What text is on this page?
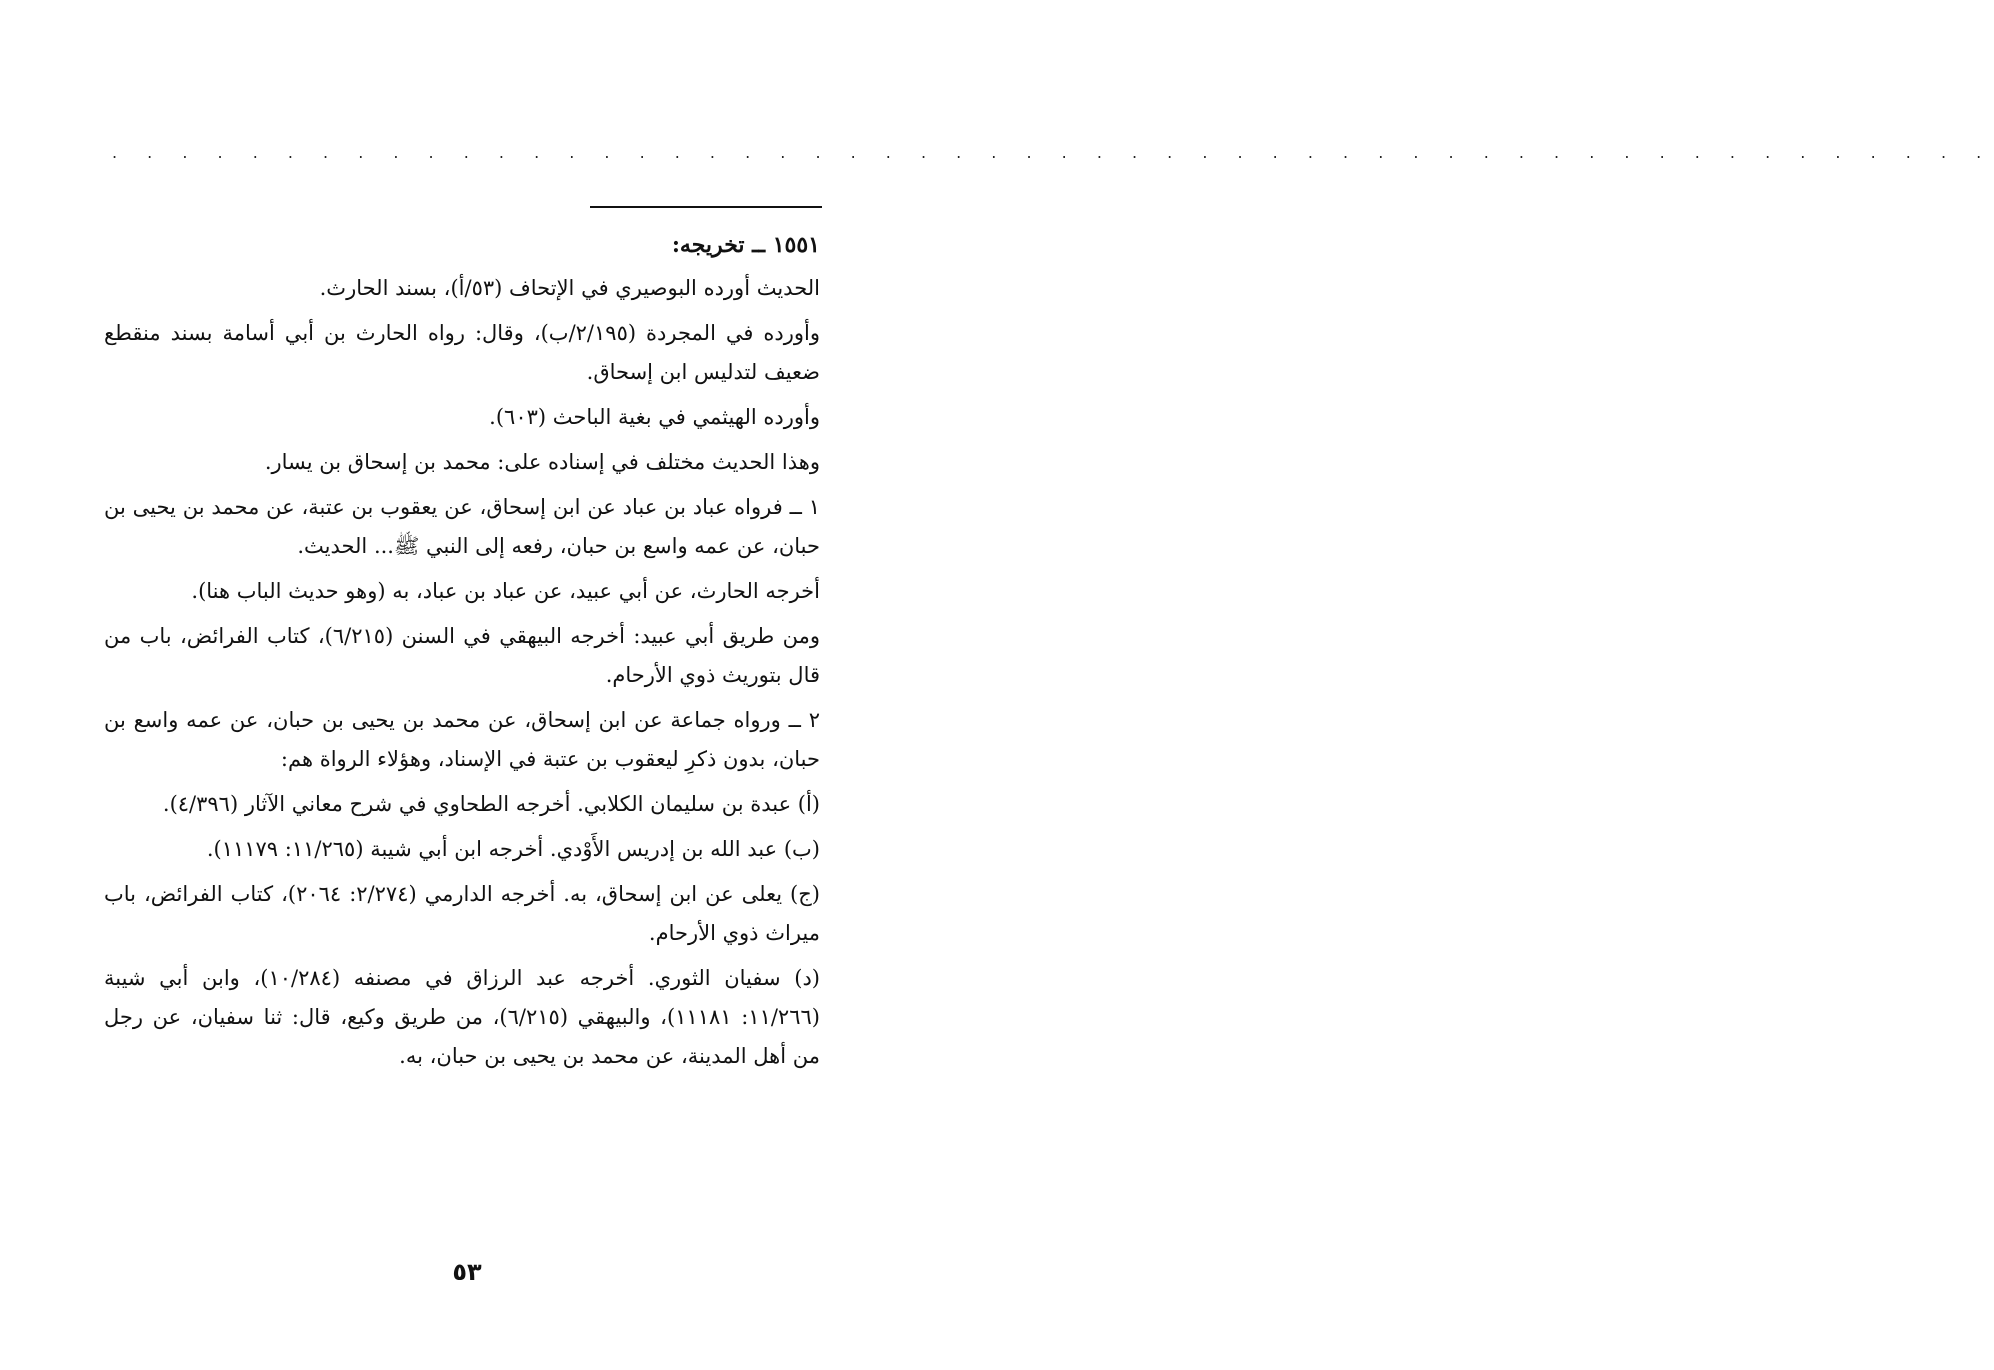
. . . . . . . . . . . . . . . . . . . . . . . . . . . . . . . . . . . . . . . . . . . . . . . . . . . . . .

١٥٥١ ــ تخريجه:

الحديث أورده البوصيري في الإتحاف (٥٣/أ)، بسند الحارث.

وأورده في المجردة (٢/١٩٥/ب)، وقال: رواه الحارث بن أبي أسامة بسند منقطع ضعيف لتدليس ابن إسحاق.

وأورده الهيثمي في بغية الباحث (٦٠٣).

وهذا الحديث مختلف في إسناده على: محمد بن إسحاق بن يسار.

١ ــ فرواه عباد بن عباد عن ابن إسحاق، عن يعقوب بن عتبة، عن محمد بن يحيى بن حبان، عن عمه واسع بن حبان، رفعه إلى النبي ﷺ... الحديث.

أخرجه الحارث، عن أبي عبيد، عن عباد بن عباد، به (وهو حديث الباب هنا).

ومن طريق أبي عبيد: أخرجه البيهقي في السنن (٦/٢١٥)، كتاب الفرائض، باب من قال بتوريث ذوي الأرحام.

٢ ــ ورواه جماعة عن ابن إسحاق، عن محمد بن يحيى بن حبان، عن عمه واسع بن حبان، بدون ذكرِ ليعقوب بن عتبة في الإسناد، وهؤلاء الرواة هم:

(أ) عبدة بن سليمان الكلابي. أخرجه الطحاوي في شرح معاني الآثار (٤/٣٩٦).

(ب) عبد الله بن إدريس الأَوْدي. أخرجه ابن أبي شيبة (١١/٢٦٥: ١١١٧٩).

(ج) يعلى عن ابن إسحاق، به. أخرجه الدارمي (٢/٢٧٤: ٢٠٦٤)، كتاب الفرائض، باب ميراث ذوي الأرحام.

(د) سفيان الثوري. أخرجه عبد الرزاق في مصنفه (١٠/٢٨٤)، وابن أبي شيبة (١١/٢٦٦: ١١١٨١)، والبيهقي (٦/٢١٥)، من طريق وكيع، قال: ثنا سفيان، عن رجل من أهل المدينة، عن محمد بن يحيى بن حبان، به.

٥٣
